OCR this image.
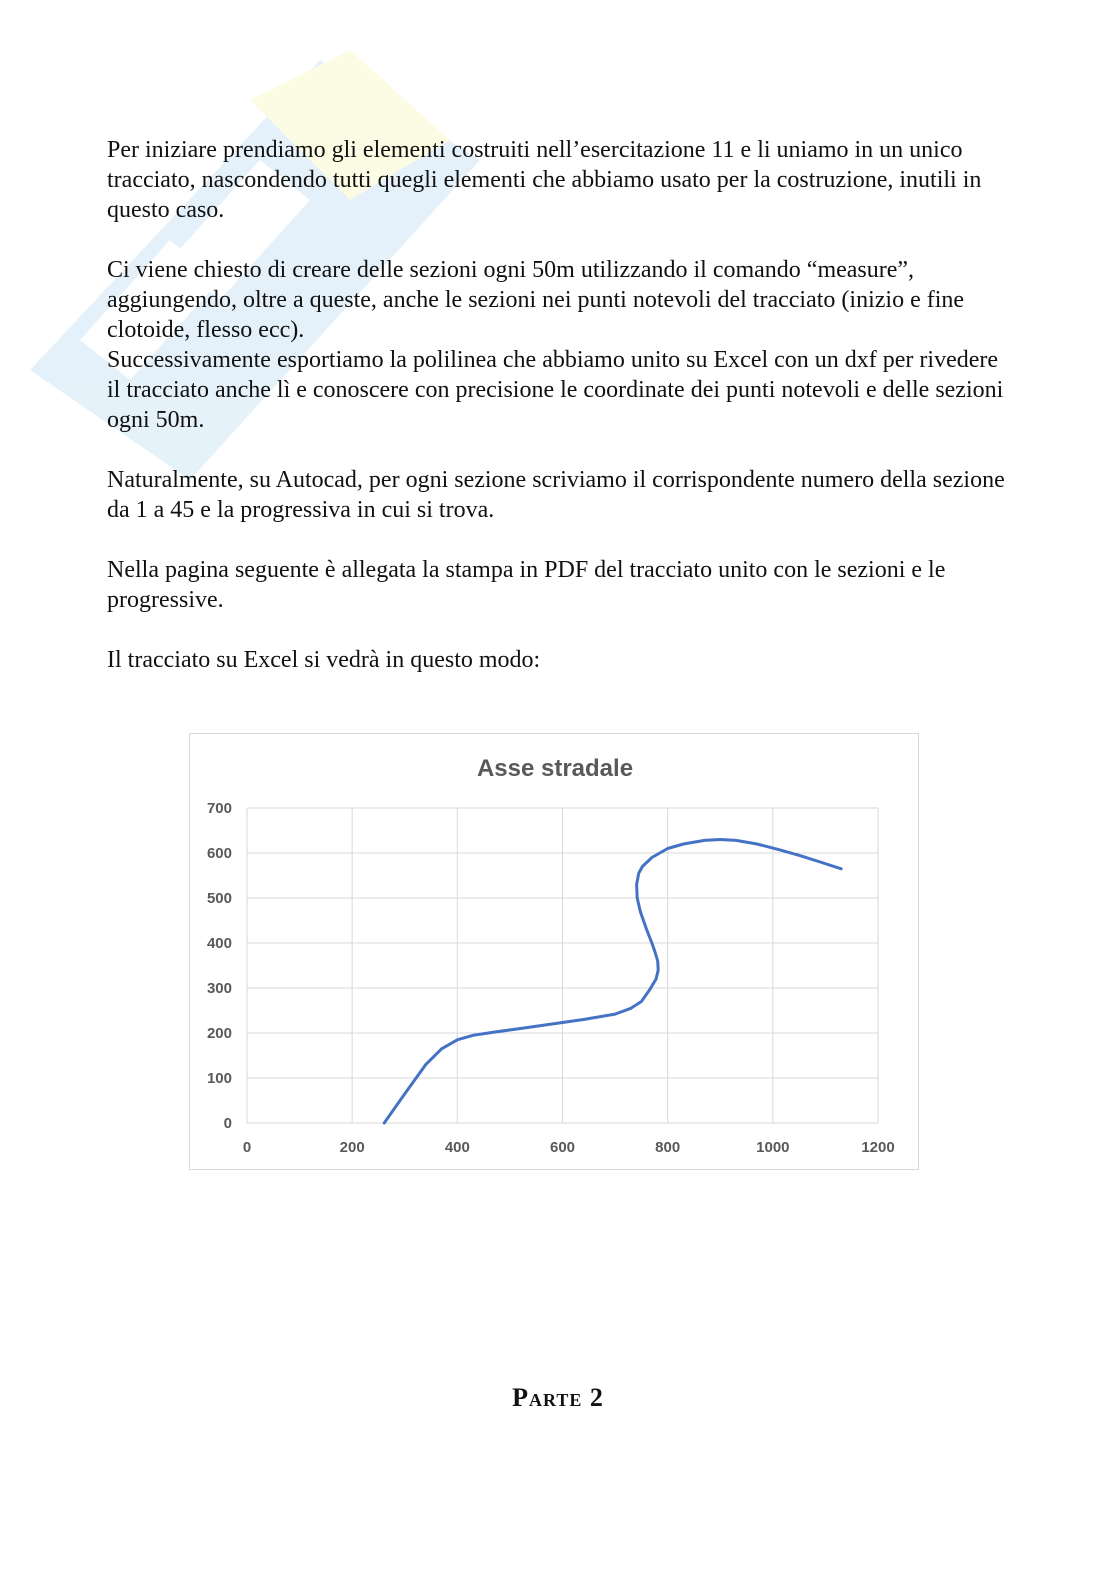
Per iniziare prendiamo gli elementi costruiti nell’esercitazione 11 e li uniamo in un unico tracciato, nascondendo tutti quegli elementi che abbiamo usato per la costruzione, inutili in questo caso.

Ci viene chiesto di creare delle sezioni ogni 50m utilizzando il comando “measure”, aggiungendo, oltre a queste, anche le sezioni nei punti notevoli del tracciato (inizio e fine clotoide, flesso ecc).

Successivamente esportiamo la polilinea che abbiamo unito su Excel con un dxf per rivedere il tracciato anche lì e conoscere con precisione le coordinate dei punti notevoli e delle sezioni ogni 50m.

Naturalmente, su Autocad, per ogni sezione scriviamo il corrispondente numero della sezione da 1 a 45 e la progressiva in cui si trova.

Nella pagina seguente è allegata la stampa in PDF del tracciato unito con le sezioni e le progressive.

Il tracciato su Excel si vedrà in questo modo:

Asse stradale
0
100
200
300
400
500
600
700
0	200	400	600	800	1000	1200
Parte 2
